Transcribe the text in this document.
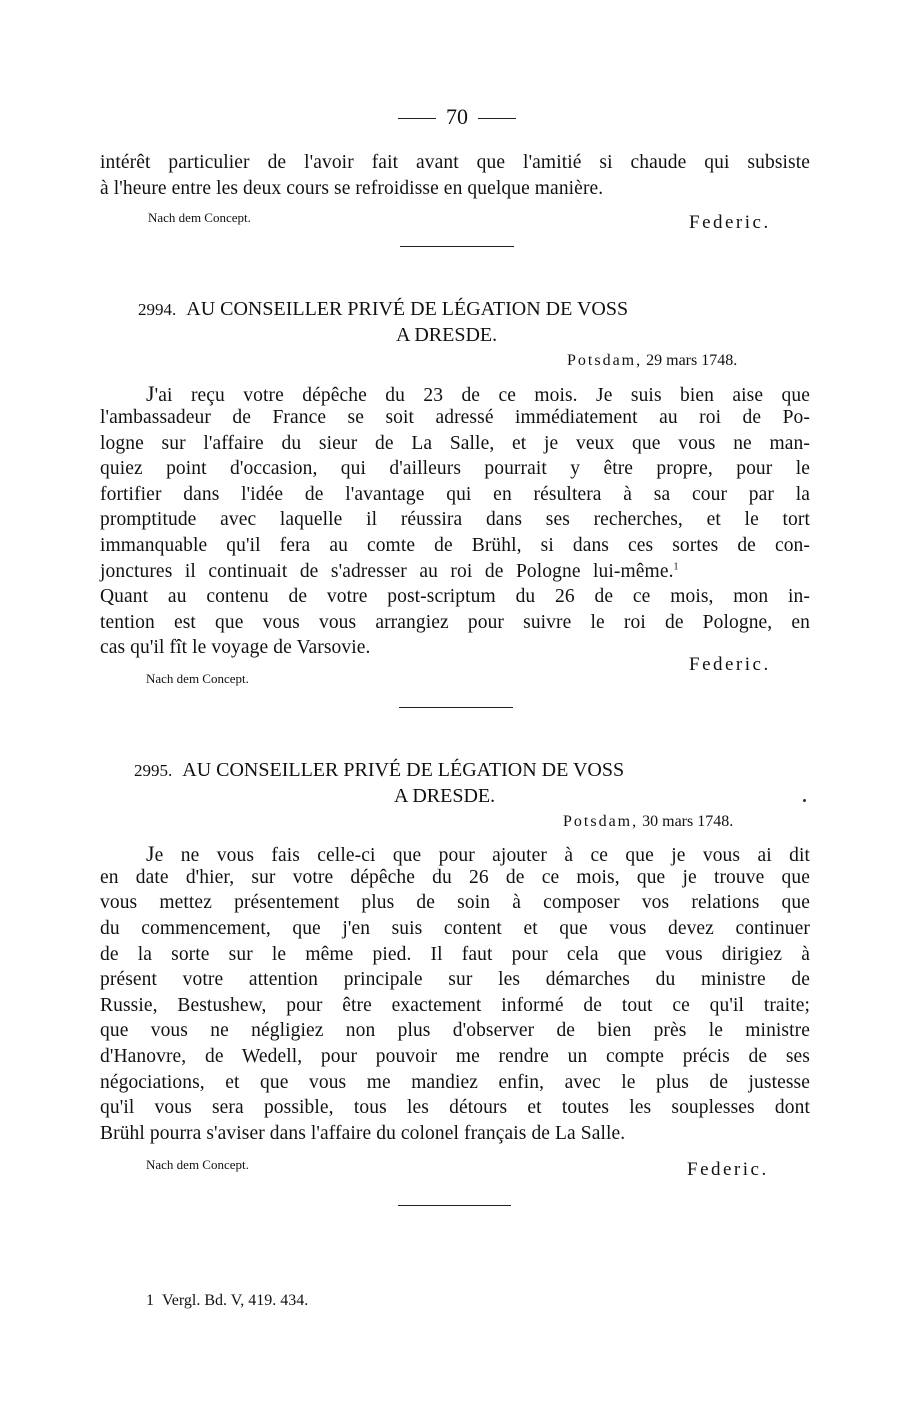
70
intérêt particulier de l'avoir fait avant que l'amitié si chaude qui subsiste
à l'heure entre les deux cours se refroidisse en quelque manière.
Nach dem Concept.	Federic.
2994. AU CONSEILLER PRIVÉ DE LÉGATION DE VOSS
A DRESDE.
Potsdam, 29 mars 1748.
J'ai reçu votre dépêche du 23 de ce mois. Je suis bien aise que
l'ambassadeur de France se soit adressé immédiatement au roi de Po-
logne sur l'affaire du sieur de La Salle, et je veux que vous ne man-
quiez point d'occasion, qui d'ailleurs pourrait y être propre, pour le
fortifier dans l'idée de l'avantage qui en résultera à sa cour par la
promptitude avec laquelle il réussira dans ses recherches, et le tort
immanquable qu'il fera au comte de Brühl, si dans ces sortes de con-
jonctures il continuait de s'adresser au roi de Pologne lui-même.$^1$
Quant au contenu de votre post-scriptum du 26 de ce mois, mon in-
tention est que vous vous arrangiez pour suivre le roi de Pologne, en
cas qu'il fît le voyage de Varsovie.
Federic.
Nach dem Concept.
2995. AU CONSEILLER PRIVÉ DE LÉGATION DE VOSS
A DRESDE.
Potsdam, 30 mars 1748.
Je ne vous fais celle-ci que pour ajouter à ce que je vous ai dit
en date d'hier, sur votre dépêche du 26 de ce mois, que je trouve que
vous mettez présentement plus de soin à composer vos relations que
du commencement, que j'en suis content et que vous devez continuer
de la sorte sur le même pied. Il faut pour cela que vous dirigiez à
présent votre attention principale sur les démarches du ministre de
Russie, Bestushew, pour être exactement informé de tout ce qu'il traite;
que vous ne négligiez non plus d'observer de bien près le ministre
d'Hanovre, de Wedell, pour pouvoir me rendre un compte précis de ses
négociations, et que vous me mandiez enfin, avec le plus de justesse
qu'il vous sera possible, tous les détours et toutes les souplesses dont
Brühl pourra s'aviser dans l'affaire du colonel français de La Salle.
Nach dem Concept.	Federic.
1 Vergl. Bd. V, 419. 434.
